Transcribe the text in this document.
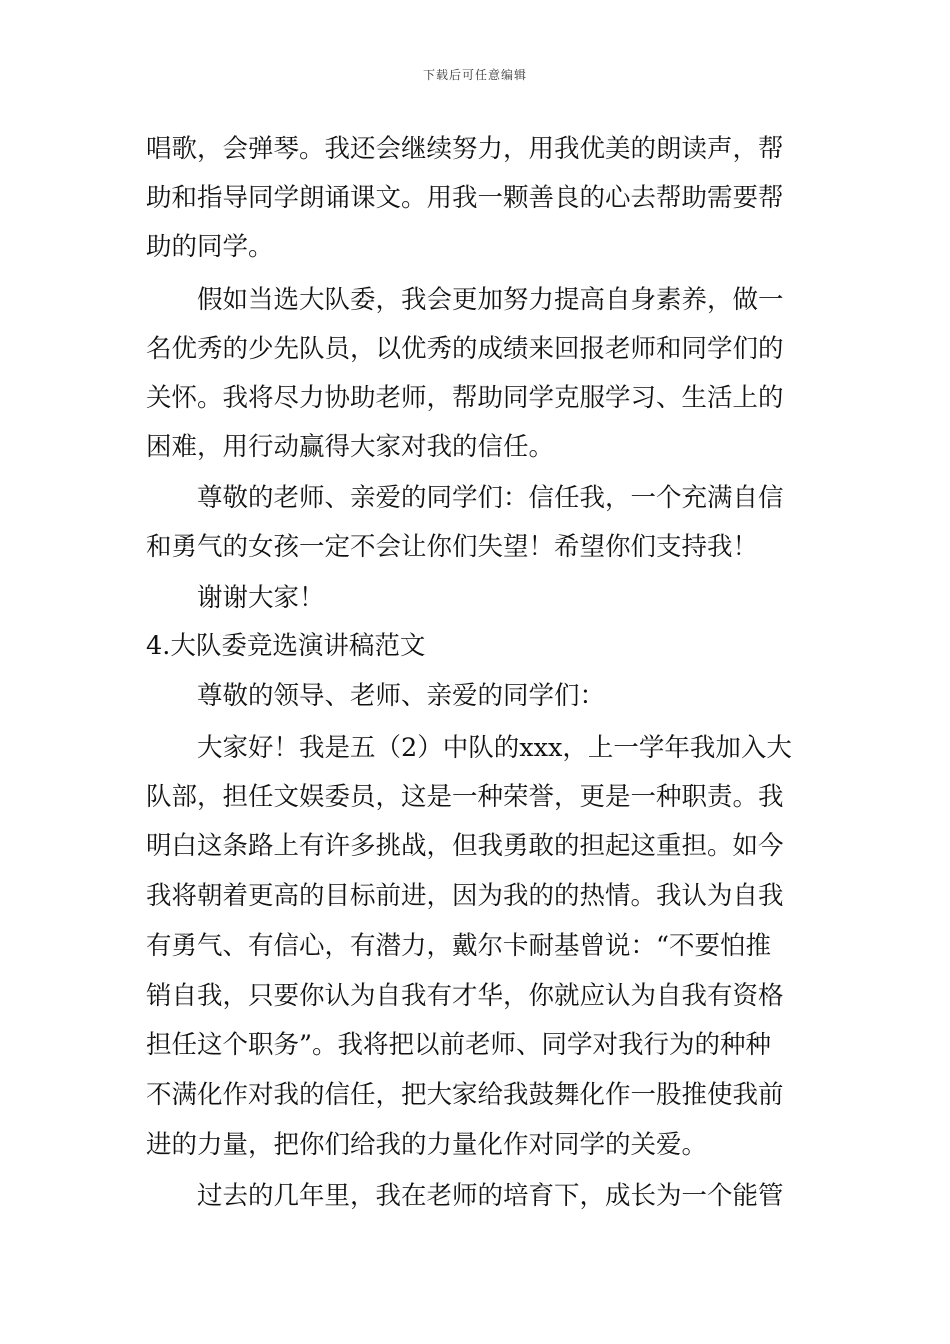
下载后可任意编辑
唱歌，会弹琴。我还会继续努力，用我优美的朗读声，帮
助和指导同学朗诵课文。用我一颗善良的心去帮助需要帮
助的同学。
　　假如当选大队委，我会更加努力提高自身素养，做一
名优秀的少先队员，以优秀的成绩来回报老师和同学们的
关怀。我将尽力协助老师，帮助同学克服学习、生活上的
困难，用行动赢得大家对我的信任。
　　尊敬的老师、亲爱的同学们：信任我，一个充满自信
和勇气的女孩一定不会让你们失望！希望你们支持我！
　　谢谢大家！
4.大队委竞选演讲稿范文
　　尊敬的领导、老师、亲爱的同学们：
　　大家好！我是五（2）中队的xxx，上一学年我加入大
队部，担任文娱委员，这是一种荣誉，更是一种职责。我
明白这条路上有许多挑战，但我勇敢的担起这重担。如今
我将朝着更高的目标前进，因为我的的热情。我认为自我
有勇气、有信心，有潜力，戴尔卡耐基曾说：“不要怕推
销自我，只要你认为自我有才华，你就应认为自我有资格
担任这个职务”。我将把以前老师、同学对我行为的种种
不满化作对我的信任，把大家给我鼓舞化作一股推使我前
进的力量，把你们给我的力量化作对同学的关爱。
　　过去的几年里，我在老师的培育下，成长为一个能管
